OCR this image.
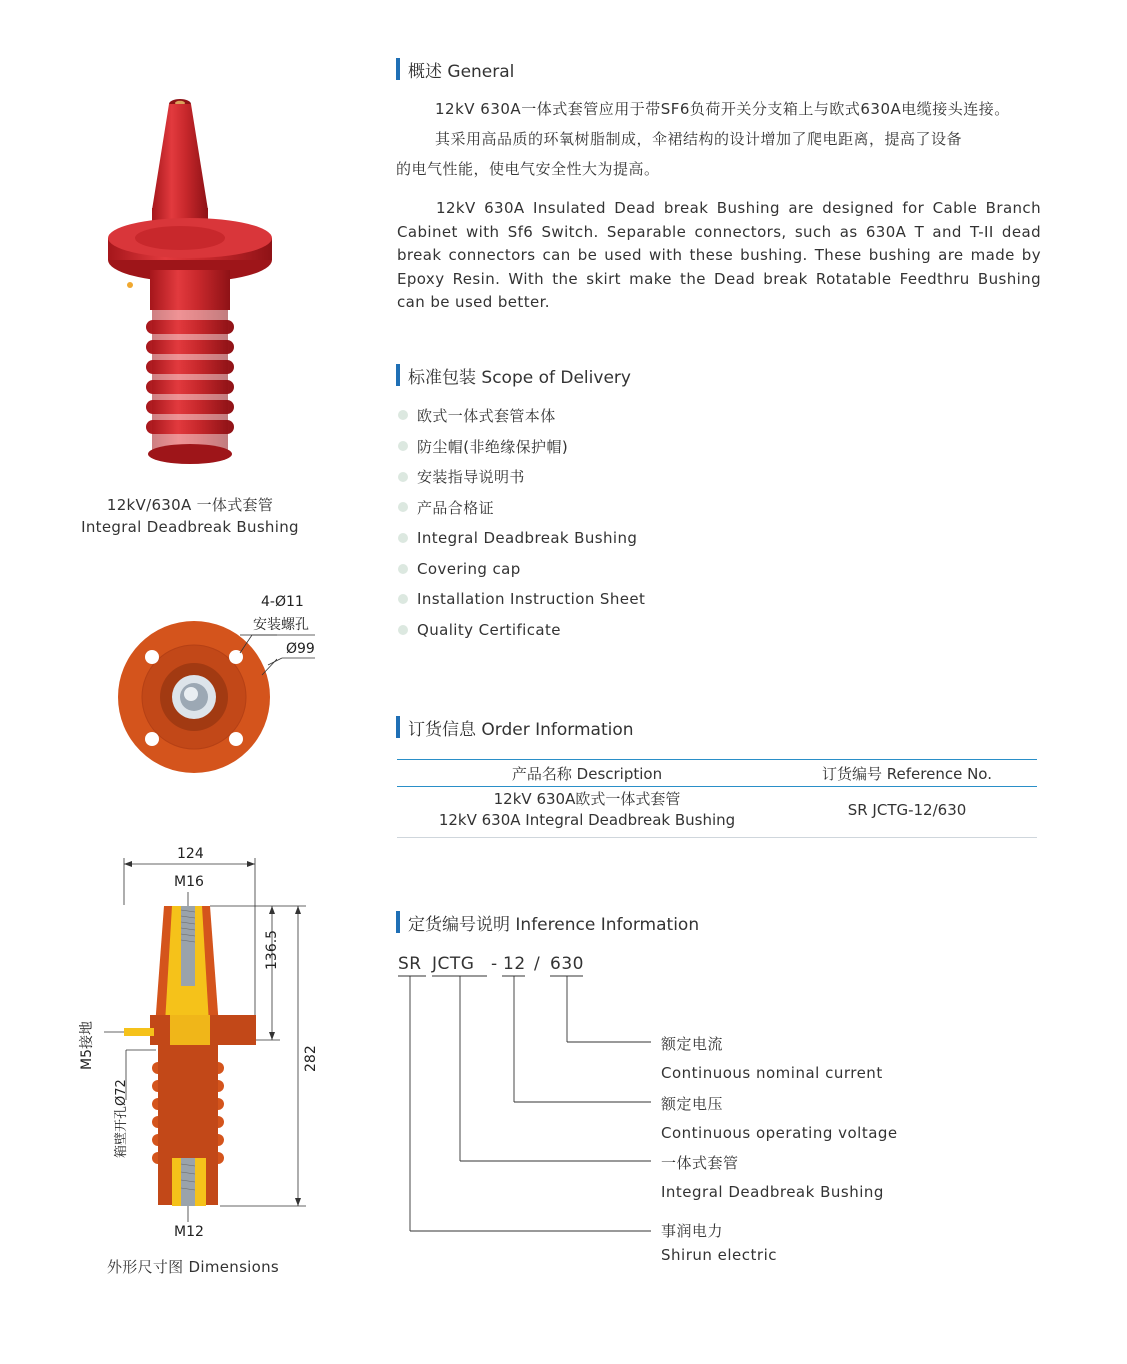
12kV/630A 一体式套管
Integral Deadbreak Bushing
4-Ø11
安装螺孔
Ø99
124
M16
136.5
282
M5接地
箱壁开孔Ø72
M12
外形尺寸图 Dimensions
概述 General
12kV 630A一体式套管应用于带SF6负荷开关分支箱上与欧式630A电缆接头连接。
其采用高品质的环氧树脂制成，伞裙结构的设计增加了爬电距离，提高了设备
的电气性能，使电气安全性大为提高。
12kV 630A Insulated Dead break Bushing are designed for Cable Branch Cabinet with Sf6 Switch. Separable connectors, such as 630A T and T-II dead break connectors can be used with these bushing. These bushing are made by Epoxy Resin. With the skirt make the Dead break Rotatable Feedthru Bushing can be used better.
标准包装 Scope of Delivery
欧式一体式套管本体
防尘帽(非绝缘保护帽)
安装指导说明书
产品合格证
Integral Deadbreak Bushing
Covering cap
Installation Instruction Sheet
Quality Certificate
订货信息 Order Information
产品名称 Description	订货编号 Reference No.

12kV 630A欧式一体式套管
12kV 630A Integral Deadbreak Bushing	SR JCTG-12/630
定货编号说明 Inference Information
SR JCTG - 12 / 630
额定电流
Continuous nominal current
额定电压
Continuous operating voltage
一体式套管
Integral Deadbreak Bushing
事润电力
Shirun electric
